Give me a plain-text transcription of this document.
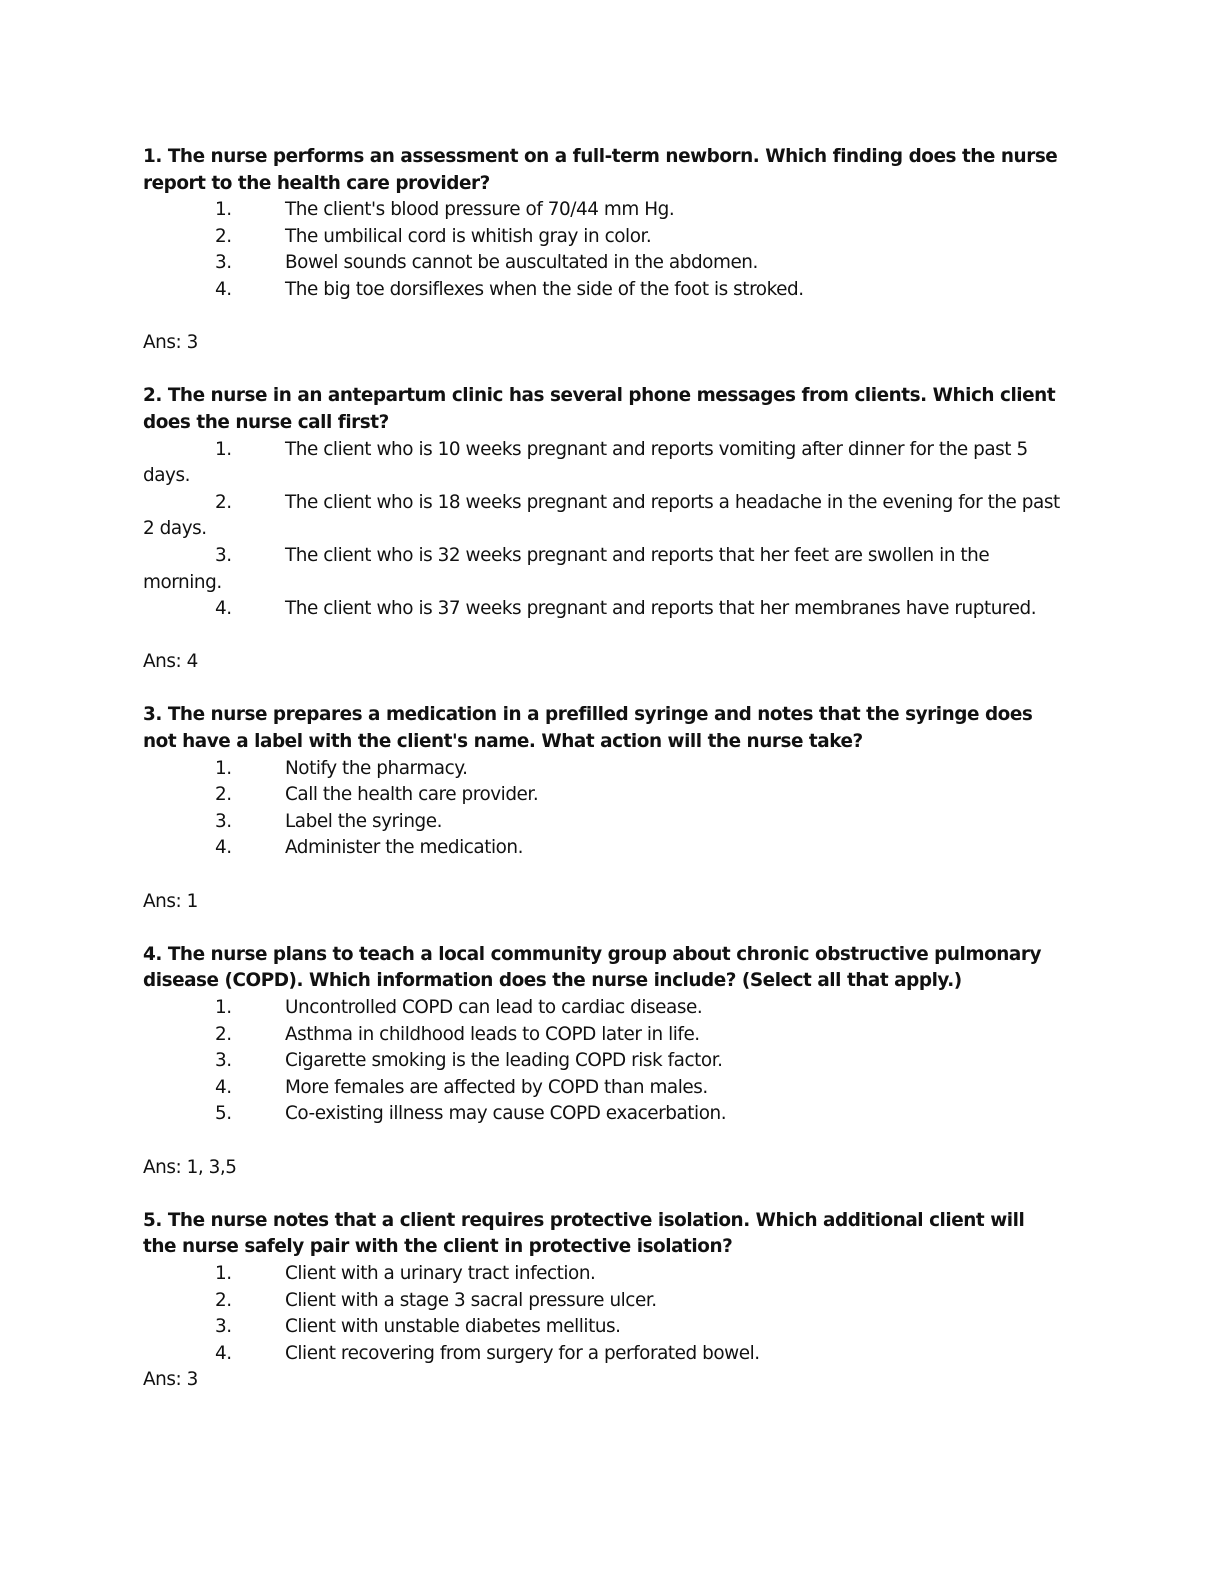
1. The nurse performs an assessment on a full-term newborn. Which finding does the nurse report to the health care provider?

1.	The client's blood pressure of 70/44 mm Hg.
2.	The umbilical cord is whitish gray in color.
3.	Bowel sounds cannot be auscultated in the abdomen.
4.	The big toe dorsiflexes when the side of the foot is stroked.

Ans: 3

2. The nurse in an antepartum clinic has several phone messages from clients. Which client does the nurse call first?

1.	The client who is 10 weeks pregnant and reports vomiting after dinner for the past 5 days.
2.	The client who is 18 weeks pregnant and reports a headache in the evening for the past 2 days.
3.	The client who is 32 weeks pregnant and reports that her feet are swollen in the morning.
4.	The client who is 37 weeks pregnant and reports that her membranes have ruptured.

Ans: 4

3. The nurse prepares a medication in a prefilled syringe and notes that the syringe does not have a label with the client's name. What action will the nurse take?

1.	Notify the pharmacy.
2.	Call the health care provider.
3.	Label the syringe.
4.	Administer the medication.

Ans: 1

4. The nurse plans to teach a local community group about chronic obstructive pulmonary disease (COPD). Which information does the nurse include? (Select all that apply.)

1.	Uncontrolled COPD can lead to cardiac disease.
2.	Asthma in childhood leads to COPD later in life.
3.	Cigarette smoking is the leading COPD risk factor.
4.	More females are affected by COPD than males.
5.	Co-existing illness may cause COPD exacerbation.

Ans: 1, 3,5

5. The nurse notes that a client requires protective isolation. Which additional client will the nurse safely pair with the client in protective isolation?

1.	Client with a urinary tract infection.
2.	Client with a stage 3 sacral pressure ulcer.
3.	Client with unstable diabetes mellitus.
4.	Client recovering from surgery for a perforated bowel.

Ans: 3
